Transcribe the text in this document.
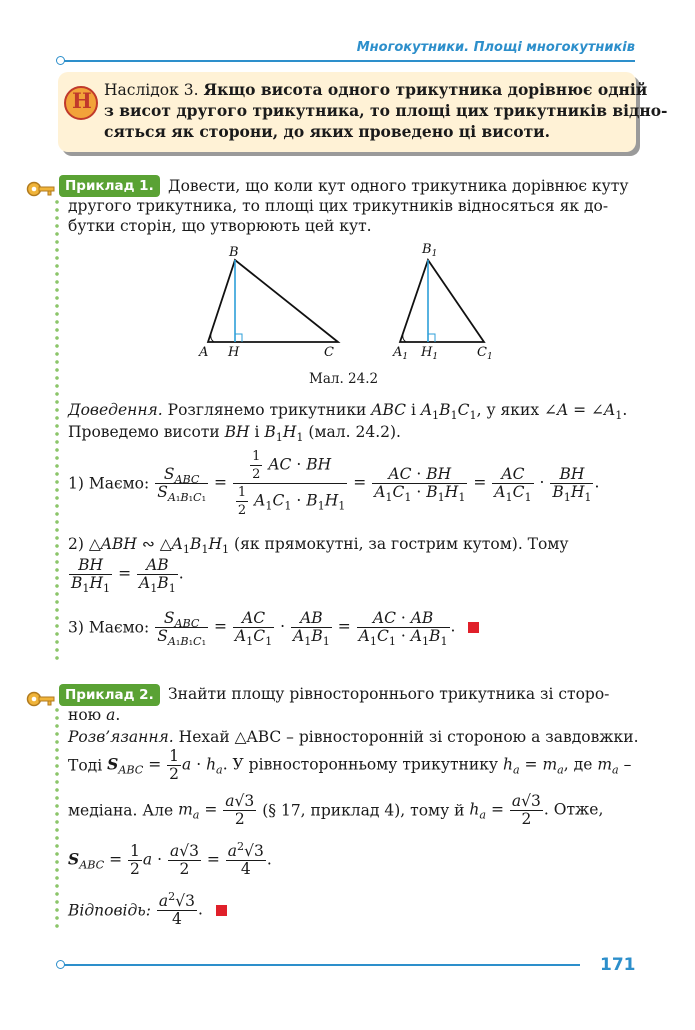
Многокутники. Площі многокутників
Н Наслідок 3. Якщо висота одного трикутника дорівнює одній
з висот другого трикутника, то площі цих трикутників відно-
сяться як сторони, до яких проведено ці висоти.
Приклад 1. Довести, що коли кут одного трикутника дорівнює куту
другого трикутника, то площі цих трикутників відносяться як до-
бутки сторін, що утворюють цей кут.
B
A H	C
$B_1$
$A_1$ $H_1$	$C_1$
Мал. 24.2
Доведення. Розглянемо трикутники ABC і $A_1B_1C_1$, у яких ∠A = $\angle A_1$.
Проведемо висоти BH і $B_1H_1$ (мал. 24.2).
1) Маємо: $\frac{S_{ABC}}{S_{A_1B_1C_1}} = \frac{\frac{1}{2} AC \cdot BH}{\frac{1}{2} A_1C_1 \cdot B_1H_1} = \frac{AC \cdot BH}{A_1C_1 \cdot B_1H_1} = \frac{AC}{A_1C_1} \cdot \frac{BH}{B_1H_1}$ .
2) △ABH ∾ $\triangle A_1B_1H_1$ (як прямокутні, за гострим кутом). Тому
$\frac{BH}{B_1H_1} = \frac{AB}{A_1B_1}$ .
3) Маємо: $\frac{S_{ABC}}{S_{A_1B_1C_1}} = \frac{AC}{A_1C_1} \cdot \frac{AB}{A_1B_1} = \frac{AC \cdot AB}{A_1C_1 \cdot A_1B_1}$ .
Приклад 2. Знайти площу рівностороннього трикутника зі сторо-
ною a.
Розв’язання. Нехай △ABC – рівносторонній зі стороною a завдовжки.
Тоді $S_{ABC} = \frac{1}{2}$ $a \cdot h_a$. У рівносторонньому трикутнику $h_a = m_a$, де $m_a$ –
медіана. Але $m_a = \frac{a√3}{2}$ (§ 17, приклад 4), тому й $h_a = \frac{a√3}{2}$ . Отже,
$S_{ABC} = \frac{1}{2}$ $a \cdot \frac{a√3}{2} = \frac{a^2√3}{4}$ .
Відповідь: $\frac{a^2√3}{4}$ .
171
